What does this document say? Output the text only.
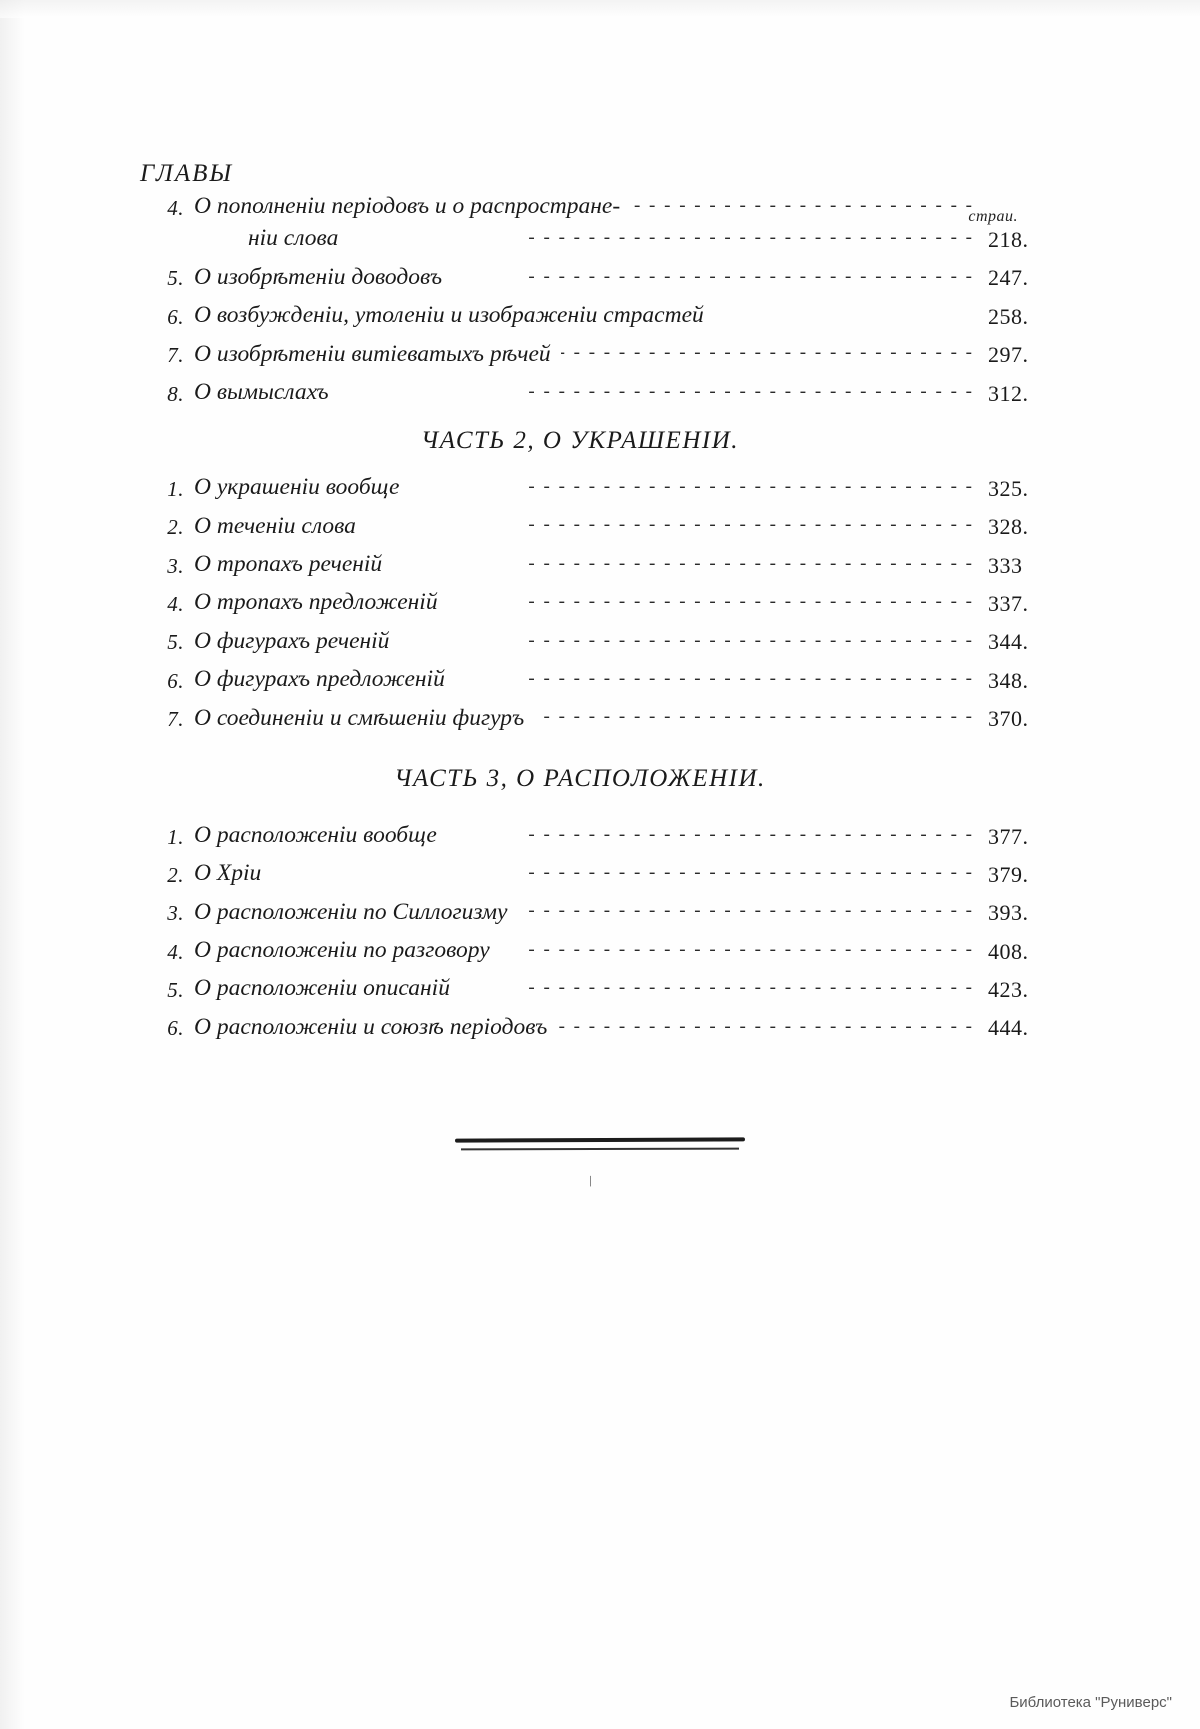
ГЛАВЫ
страи.
4. О пополненіи періодовъ и о распростране-
- -
ніи слова - -	218.
5. О изобрѣтеніи доводовъ - -	247.
6. О возбужденіи, утоленіи и изображеніи страстей	258.
7. О изобрѣтеніи витіеватыхъ рѣчей - -	297.
8. О вымыслахъ - -	312.
ЧАСТЬ 2, О УКРАШЕНІИ.
1. О украшеніи вообще - -	325.
2. О теченіи слова - -	328.
3. О тропахъ реченій - -	333
4. О тропахъ предложеній - -	337.
5. О фигурахъ реченій - -	344.
6. О фигурахъ предложеній - -	348.
7. О соединеніи и смѣшеніи фигуръ - -	370.
ЧАСТЬ 3, О РАСПОЛОЖЕНІИ.
1. О расположеніи вообще - -	377.
2. О Хріи - -	379.
3. О расположеніи по Силлогизму - -	393.
4. О расположеніи по разговору - -	408.
5. О расположеніи описаній - -	423.
6. О расположеніи и союзѣ періодовъ - -	444.
\
Библиотека "Руниверс"
